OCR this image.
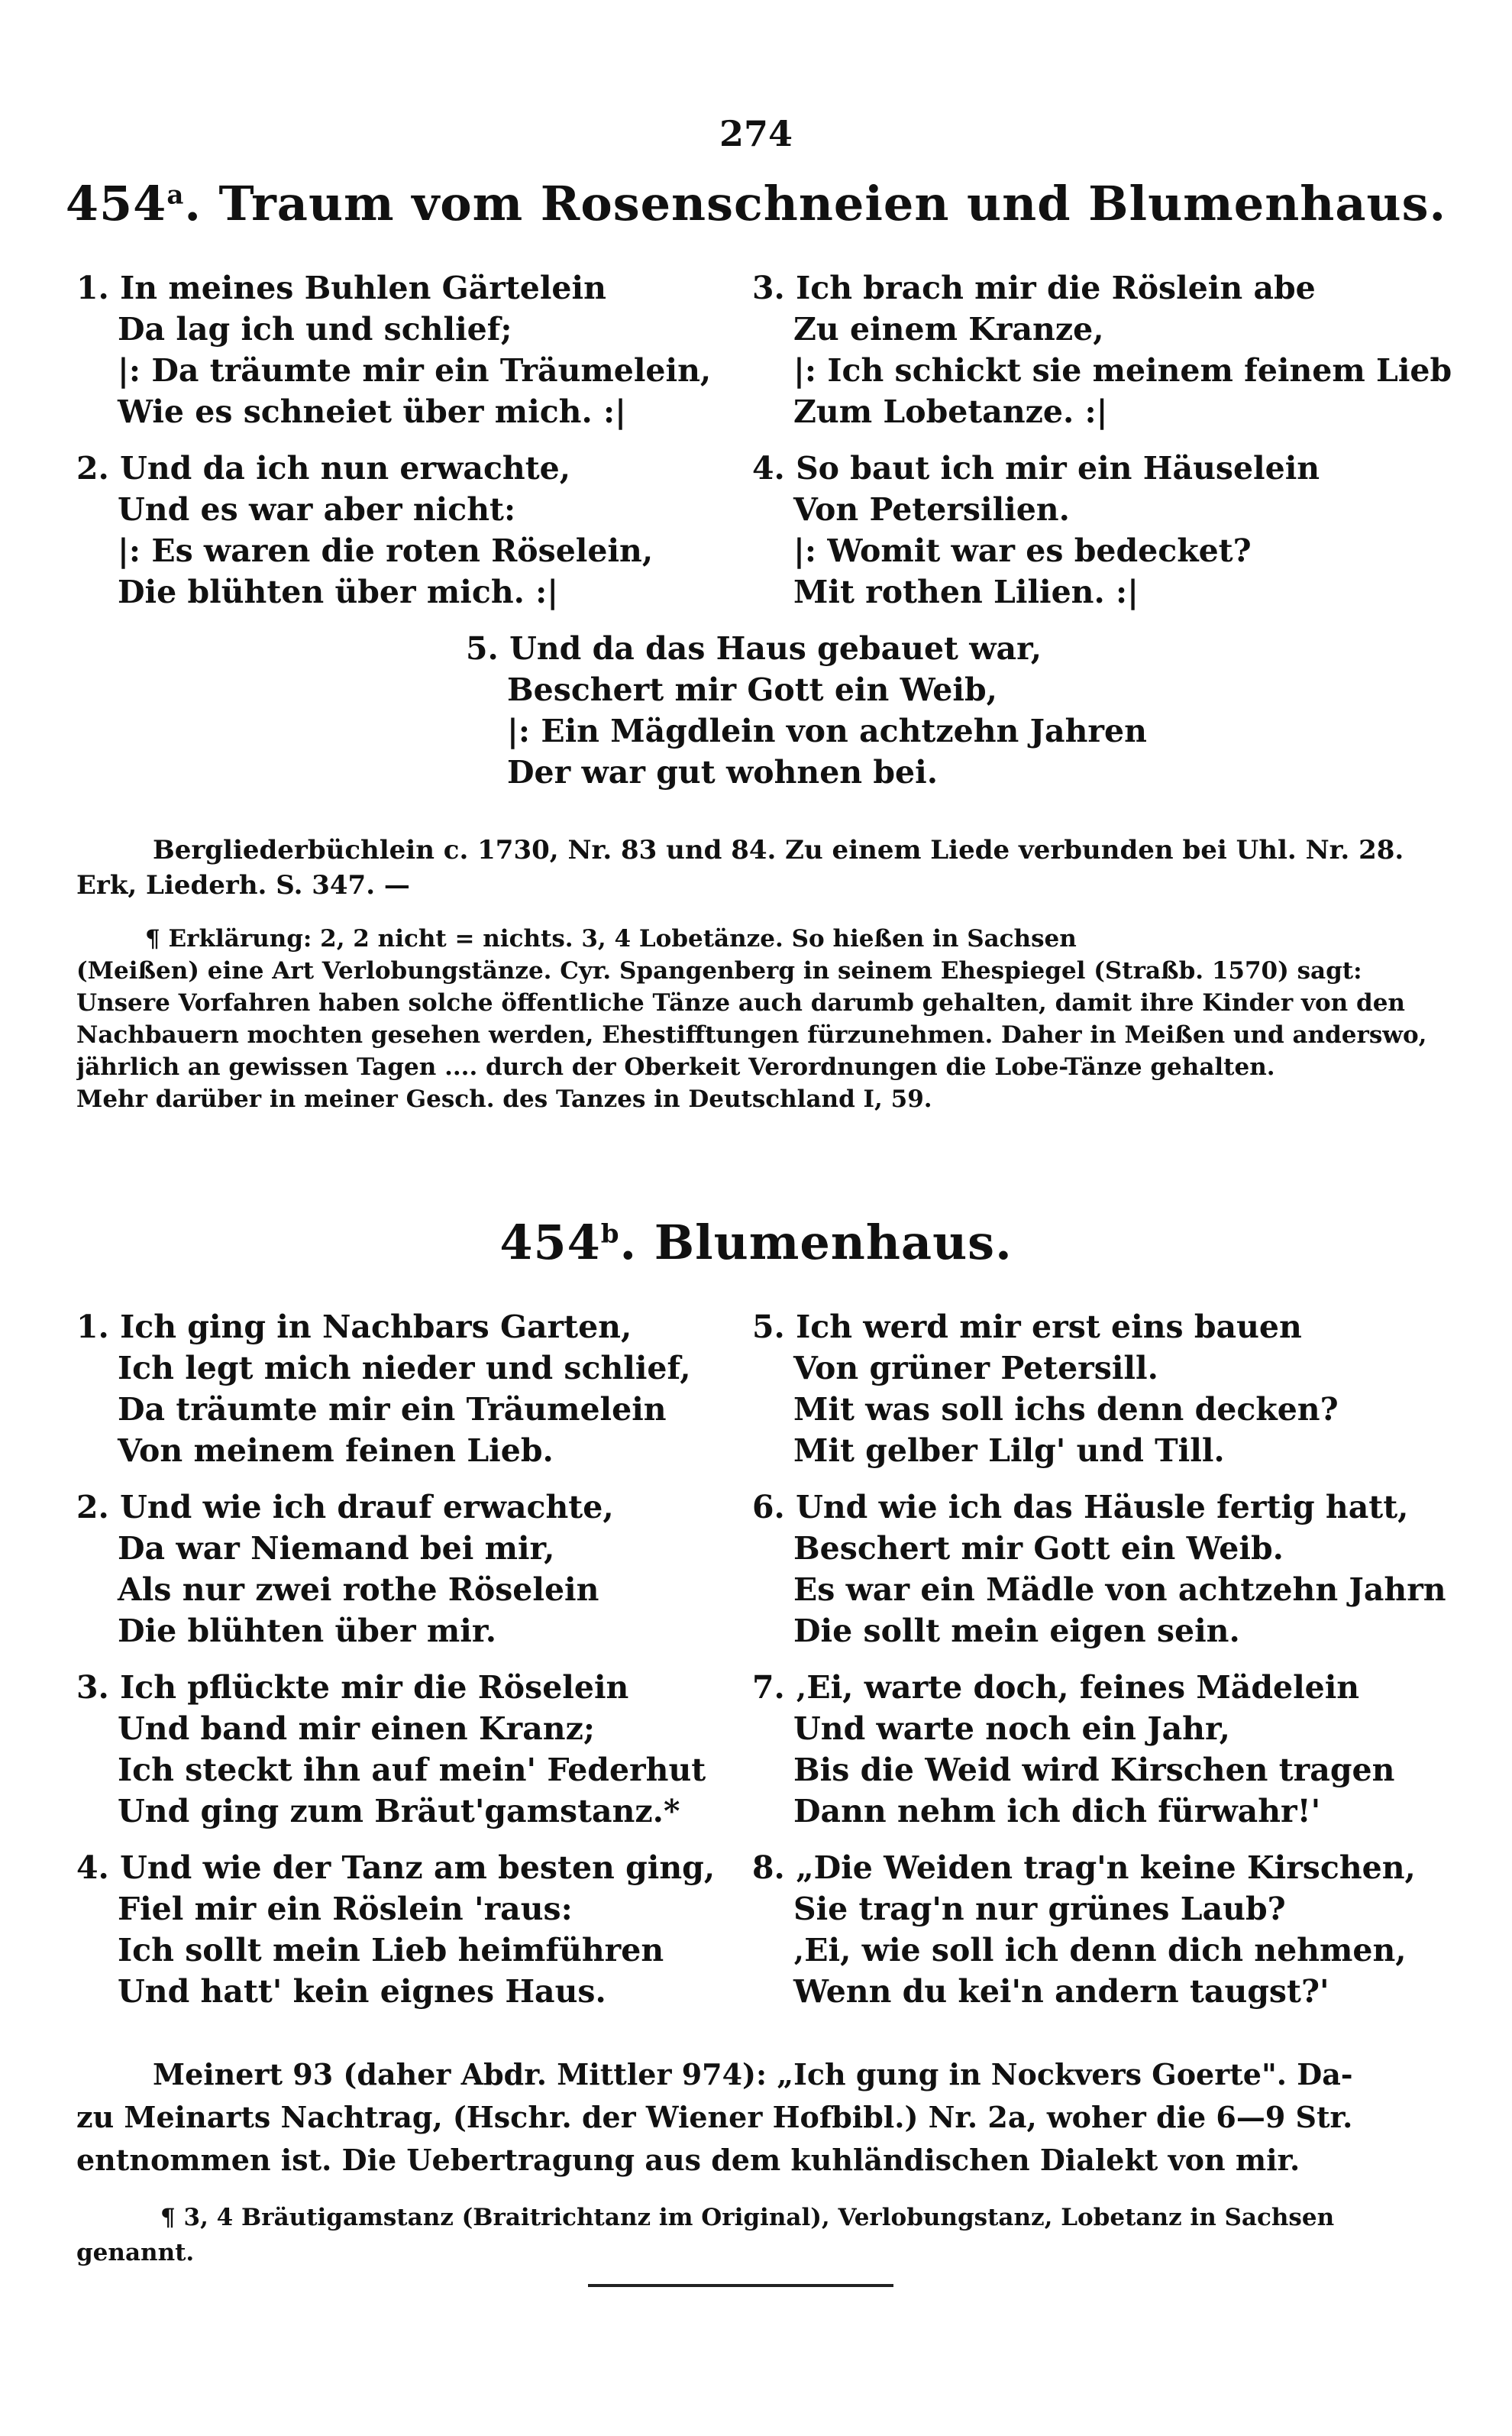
274
454$^a$. Traum vom Rosenschneien und Blumenhaus.
1. In meines Buhlen Gärtelein
Da lag ich und schlief;
|: Da träumte mir ein Träumelein,
Wie es schneiet über mich. :|
2. Und da ich nun erwachte,
Und es war aber nicht:
|: Es waren die roten Röselein,
Die blühten über mich. :|
3. Ich brach mir die Röslein abe
Zu einem Kranze,
|: Ich schickt sie meinem feinem Lieb
Zum Lobetanze. :|
4. So baut ich mir ein Häuselein
Von Petersilien.
|: Womit war es bedecket?
Mit rothen Lilien. :|
5. Und da das Haus gebauet war,
Beschert mir Gott ein Weib,
|: Ein Mägdlein von achtzehn Jahren
Der war gut wohnen bei.
Bergliederbüchlein c. 1730, Nr. 83 und 84. Zu einem Liede verbunden bei Uhl. Nr. 28.
Erk, Liederh. S. 347. —
¶ Erklärung: 2, 2 nicht = nichts. 3, 4 Lobetänze. So hießen in Sachsen
(Meißen) eine Art Verlobungstänze. Cyr. Spangenberg in seinem Ehespiegel (Straßb. 1570) sagt:
Unsere Vorfahren haben solche öffentliche Tänze auch darumb gehalten, damit ihre Kinder von den
Nachbauern mochten gesehen werden, Ehestifftungen fürzunehmen. Daher in Meißen und anderswo,
jährlich an gewissen Tagen .... durch der Oberkeit Verordnungen die Lobe-Tänze gehalten.
Mehr darüber in meiner Gesch. des Tanzes in Deutschland I, 59.
454$^b$. Blumenhaus.
1. Ich ging in Nachbars Garten,
Ich legt mich nieder und schlief,
Da träumte mir ein Träumelein
Von meinem feinen Lieb.
2. Und wie ich drauf erwachte,
Da war Niemand bei mir,
Als nur zwei rothe Röselein
Die blühten über mir.
3. Ich pflückte mir die Röselein
Und band mir einen Kranz;
Ich steckt ihn auf mein' Federhut
Und ging zum Bräut'gamstanz.*
4. Und wie der Tanz am besten ging,
Fiel mir ein Röslein 'raus:
Ich sollt mein Lieb heimführen
Und hatt' kein eignes Haus.
5. Ich werd mir erst eins bauen
Von grüner Petersill.
Mit was soll ichs denn decken?
Mit gelber Lilg' und Till.
6. Und wie ich das Häusle fertig hatt,
Beschert mir Gott ein Weib.
Es war ein Mädle von achtzehn Jahrn
Die sollt mein eigen sein.
7. ‚Ei, warte doch, feines Mädelein
Und warte noch ein Jahr,
Bis die Weid wird Kirschen tragen
Dann nehm ich dich fürwahr!'
8. „Die Weiden trag'n keine Kirschen,
Sie trag'n nur grünes Laub?
‚Ei, wie soll ich denn dich nehmen,
Wenn du kei'n andern taugst?'
Meinert 93 (daher Abdr. Mittler 974): „Ich gung in Nockvers Goerte". Da-
zu Meinarts Nachtrag, (Hschr. der Wiener Hofbibl.) Nr. 2a, woher die 6—9 Str.
entnommen ist. Die Uebertragung aus dem kuhländischen Dialekt von mir.
¶ 3, 4 Bräutigamstanz (Braitrichtanz im Original), Verlobungstanz, Lobetanz in Sachsen
genannt.
